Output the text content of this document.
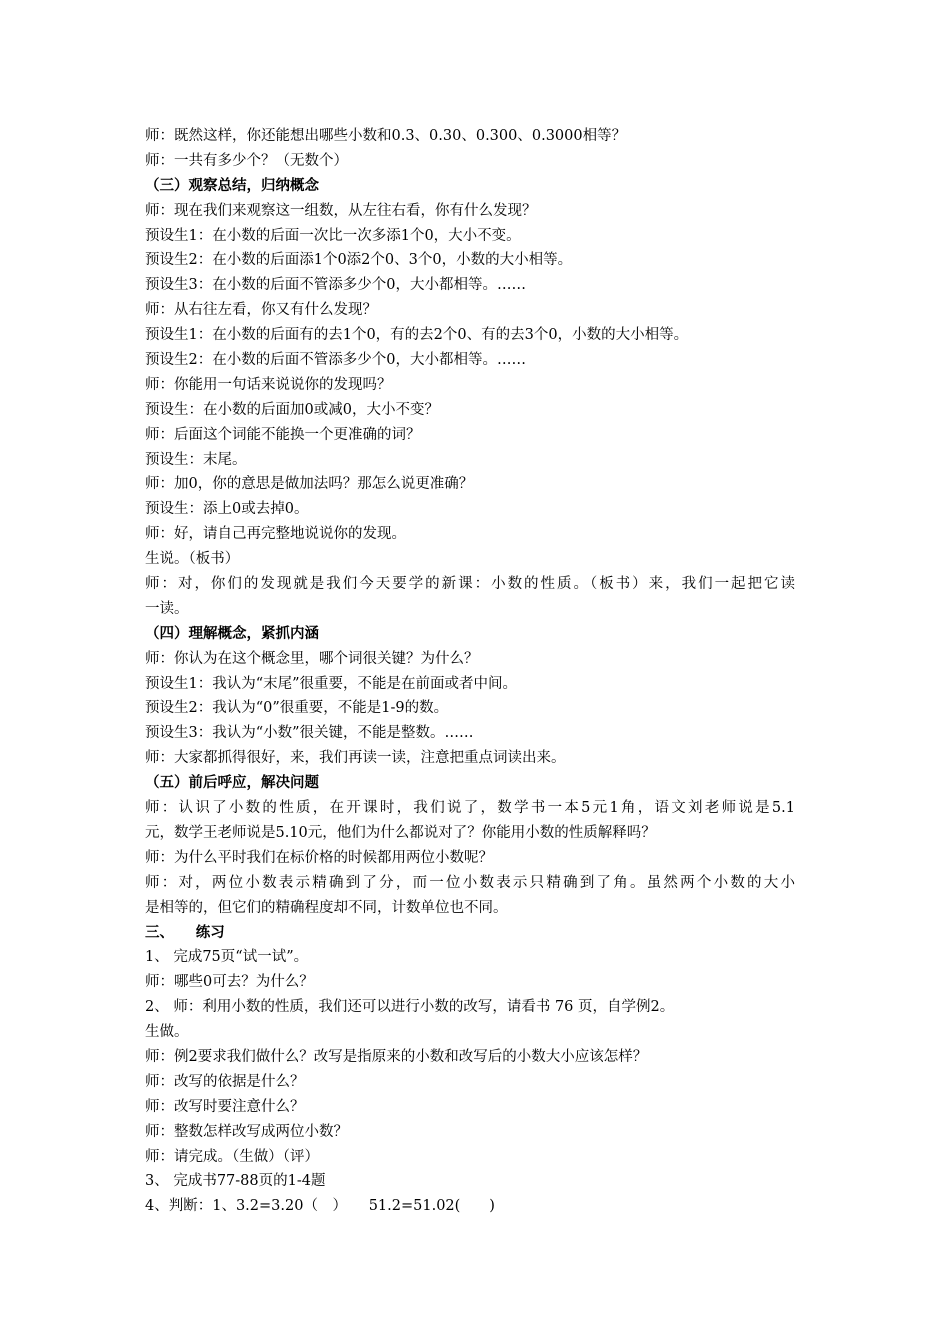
师：既然这样，你还能想出哪些小数和0.3、0.30、0.300、0.3000相等？
师：一共有多少个？（无数个）
（三）观察总结，归纳概念
师：现在我们来观察这一组数，从左往右看，你有什么发现？
预设生1：在小数的后面一次比一次多添1个0，大小不变。
预设生2：在小数的后面添1个0添2个0、3个0，小数的大小相等。
预设生3：在小数的后面不管添多少个0，大小都相等。……
师：从右往左看，你又有什么发现？
预设生1：在小数的后面有的去1个0，有的去2个0、有的去3个0，小数的大小相等。
预设生2：在小数的后面不管添多少个0，大小都相等。……
师：你能用一句话来说说你的发现吗？
预设生：在小数的后面加0或减0，大小不变？
师：后面这个词能不能换一个更准确的词？
预设生：末尾。
师：加0，你的意思是做加法吗？那怎么说更准确？
预设生：添上0或去掉0。
师：好，请自己再完整地说说你的发现。
生说。（板书）
师：对，你们的发现就是我们今天要学的新课：小数的性质。（板书）来，我们一起把它读
一读。
（四）理解概念，紧抓内涵
师：你认为在这个概念里，哪个词很关键？为什么？
预设生1：我认为“末尾”很重要，不能是在前面或者中间。
预设生2：我认为“0”很重要，不能是1-9的数。
预设生3：我认为“小数”很关键，不能是整数。……
师：大家都抓得很好，来，我们再读一读，注意把重点词读出来。
（五）前后呼应，解决问题
师：认识了小数的性质，在开课时，我们说了，数学书一本5元1角，语文刘老师说是5.1
元，数学王老师说是5.10元，他们为什么都说对了？你能用小数的性质解释吗？
师：为什么平时我们在标价格的时候都用两位小数呢？
师：对，两位小数表示精确到了分，而一位小数表示只精确到了角。虽然两个小数的大小
是相等的，但它们的精确程度却不同，计数单位也不同。
三、　　练习
1、 完成75页“试一试”。
师：哪些0可去？为什么？
2、 师：利用小数的性质，我们还可以进行小数的改写，请看书 76 页，自学例2。
生做。
师：例2要求我们做什么？改写是指原来的小数和改写后的小数大小应该怎样？
师：改写的依据是什么？
师：改写时要注意什么？
师：整数怎样改写成两位小数？
师：请完成。（生做）（评）
3、 完成书77-88页的1-4题
4、判断：1、3.2=3.20（　）　　51.2=51.02(　　)
